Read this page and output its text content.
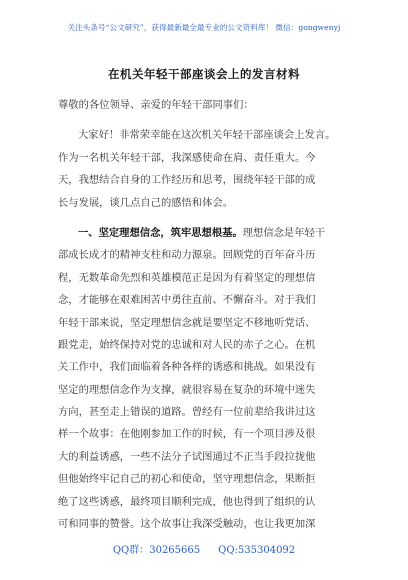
关注头条号“公文研究”，获得最新最全最专业的公文资料库！ 微信：gongwenyj
在机关年轻干部座谈会上的发言材料
尊敬的各位领导、亲爱的年轻干部同事们：
大家好！非常荣幸能在这次机关年轻干部座谈会上发言。
作为一名机关年轻干部，我深感使命在肩、责任重大。今
天，我想结合自身的工作经历和思考，围绕年轻干部的成
长与发展，谈几点自己的感悟和体会。
一、坚定理想信念，筑牢思想根基。理想信念是年轻干
部成长成才的精神支柱和动力源泉。回顾党的百年奋斗历
程，无数革命先烈和英雄模范正是因为有着坚定的理想信
念，才能够在艰难困苦中勇往直前、不懈奋斗。对于我们
年轻干部来说，坚定理想信念就是要坚定不移地听党话、
跟党走，始终保持对党的忠诚和对人民的赤子之心。在机
关工作中，我们面临着各种各样的诱惑和挑战。如果没有
坚定的理想信念作为支撑，就很容易在复杂的环境中迷失
方向，甚至走上错误的道路。曾经有一位前辈给我讲过这
样一个故事：在他刚参加工作的时候，有一个项目涉及很
大的利益诱惑，一些不法分子试图通过不正当手段拉拢他
但他始终牢记自己的初心和使命，坚守理想信念，果断拒
绝了这些诱惑，最终项目顺利完成，他也得到了组织的认
可和同事的赞誉。这个故事让我深受触动，也让我更加深
QQ群：30265665 QQ:535304092
